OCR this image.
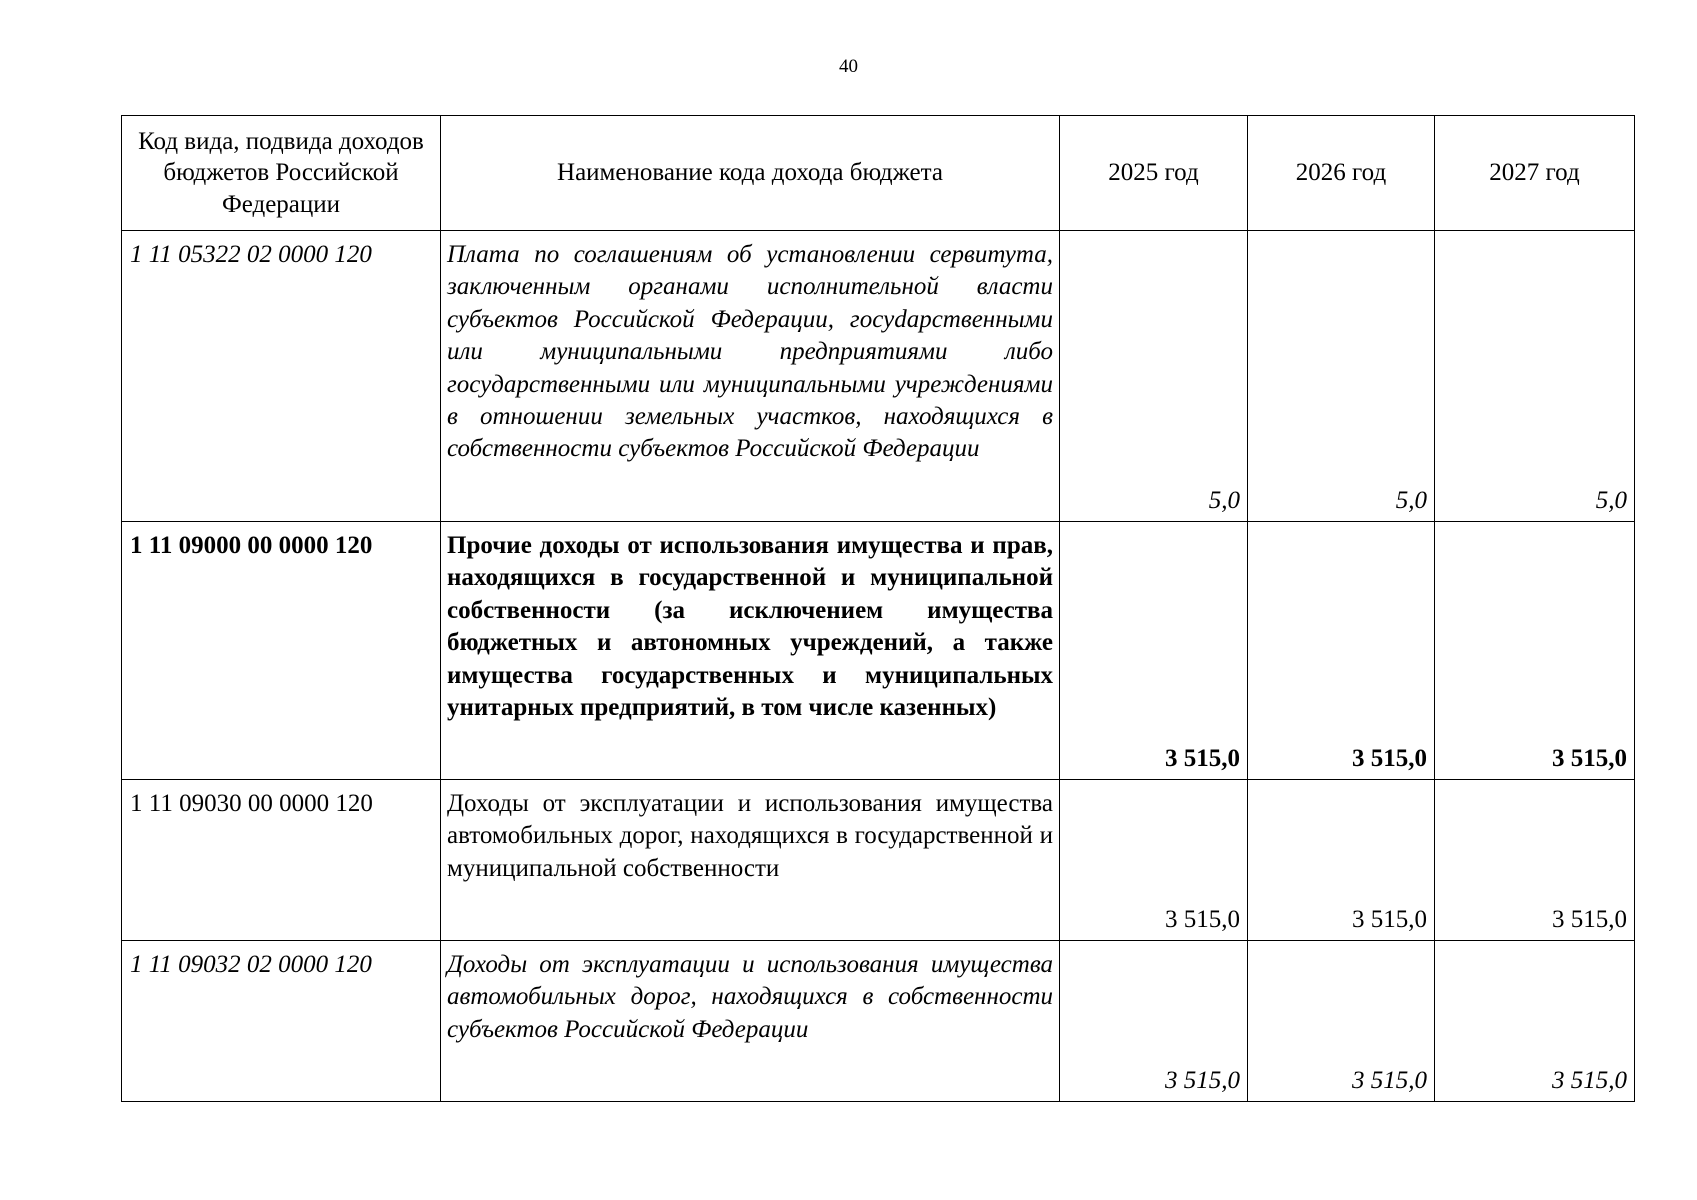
40
Код вида, подвида доходов бюджетов Российской Федерации	Наименование кода дохода бюджета	2025 год	2026 год	2027 год
1 11 05322 02 0000 120	Плата по соглашениям об установлении сервитута, заключенным органами исполнительной власти субъектов Российской Федерации, госуdарственными или муниципальными предприятиями либо государственными или муниципальными учреждениями в отношении земельных участков, находящихся в собственности субъектов Российской Федерации	5,0	5,0	5,0
1 11 09000 00 0000 120	Прочие доходы от использования имущества и прав, находящихся в государственной и муниципальной собственности (за исключением имущества бюджетных и автономных учреждений, а также имущества государственных и муниципальных унитарных предприятий, в том числе казенных)	3 515,0	3 515,0	3 515,0
1 11 09030 00 0000 120	Доходы от эксплуатации и использования имущества автомобильных дорог, находящихся в государственной и муниципальной собственности	3 515,0	3 515,0	3 515,0
1 11 09032 02 0000 120	Доходы от эксплуатации и использования имущества автомобильных дорог, находящихся в собственности субъектов Российской Федерации	3 515,0	3 515,0	3 515,0
